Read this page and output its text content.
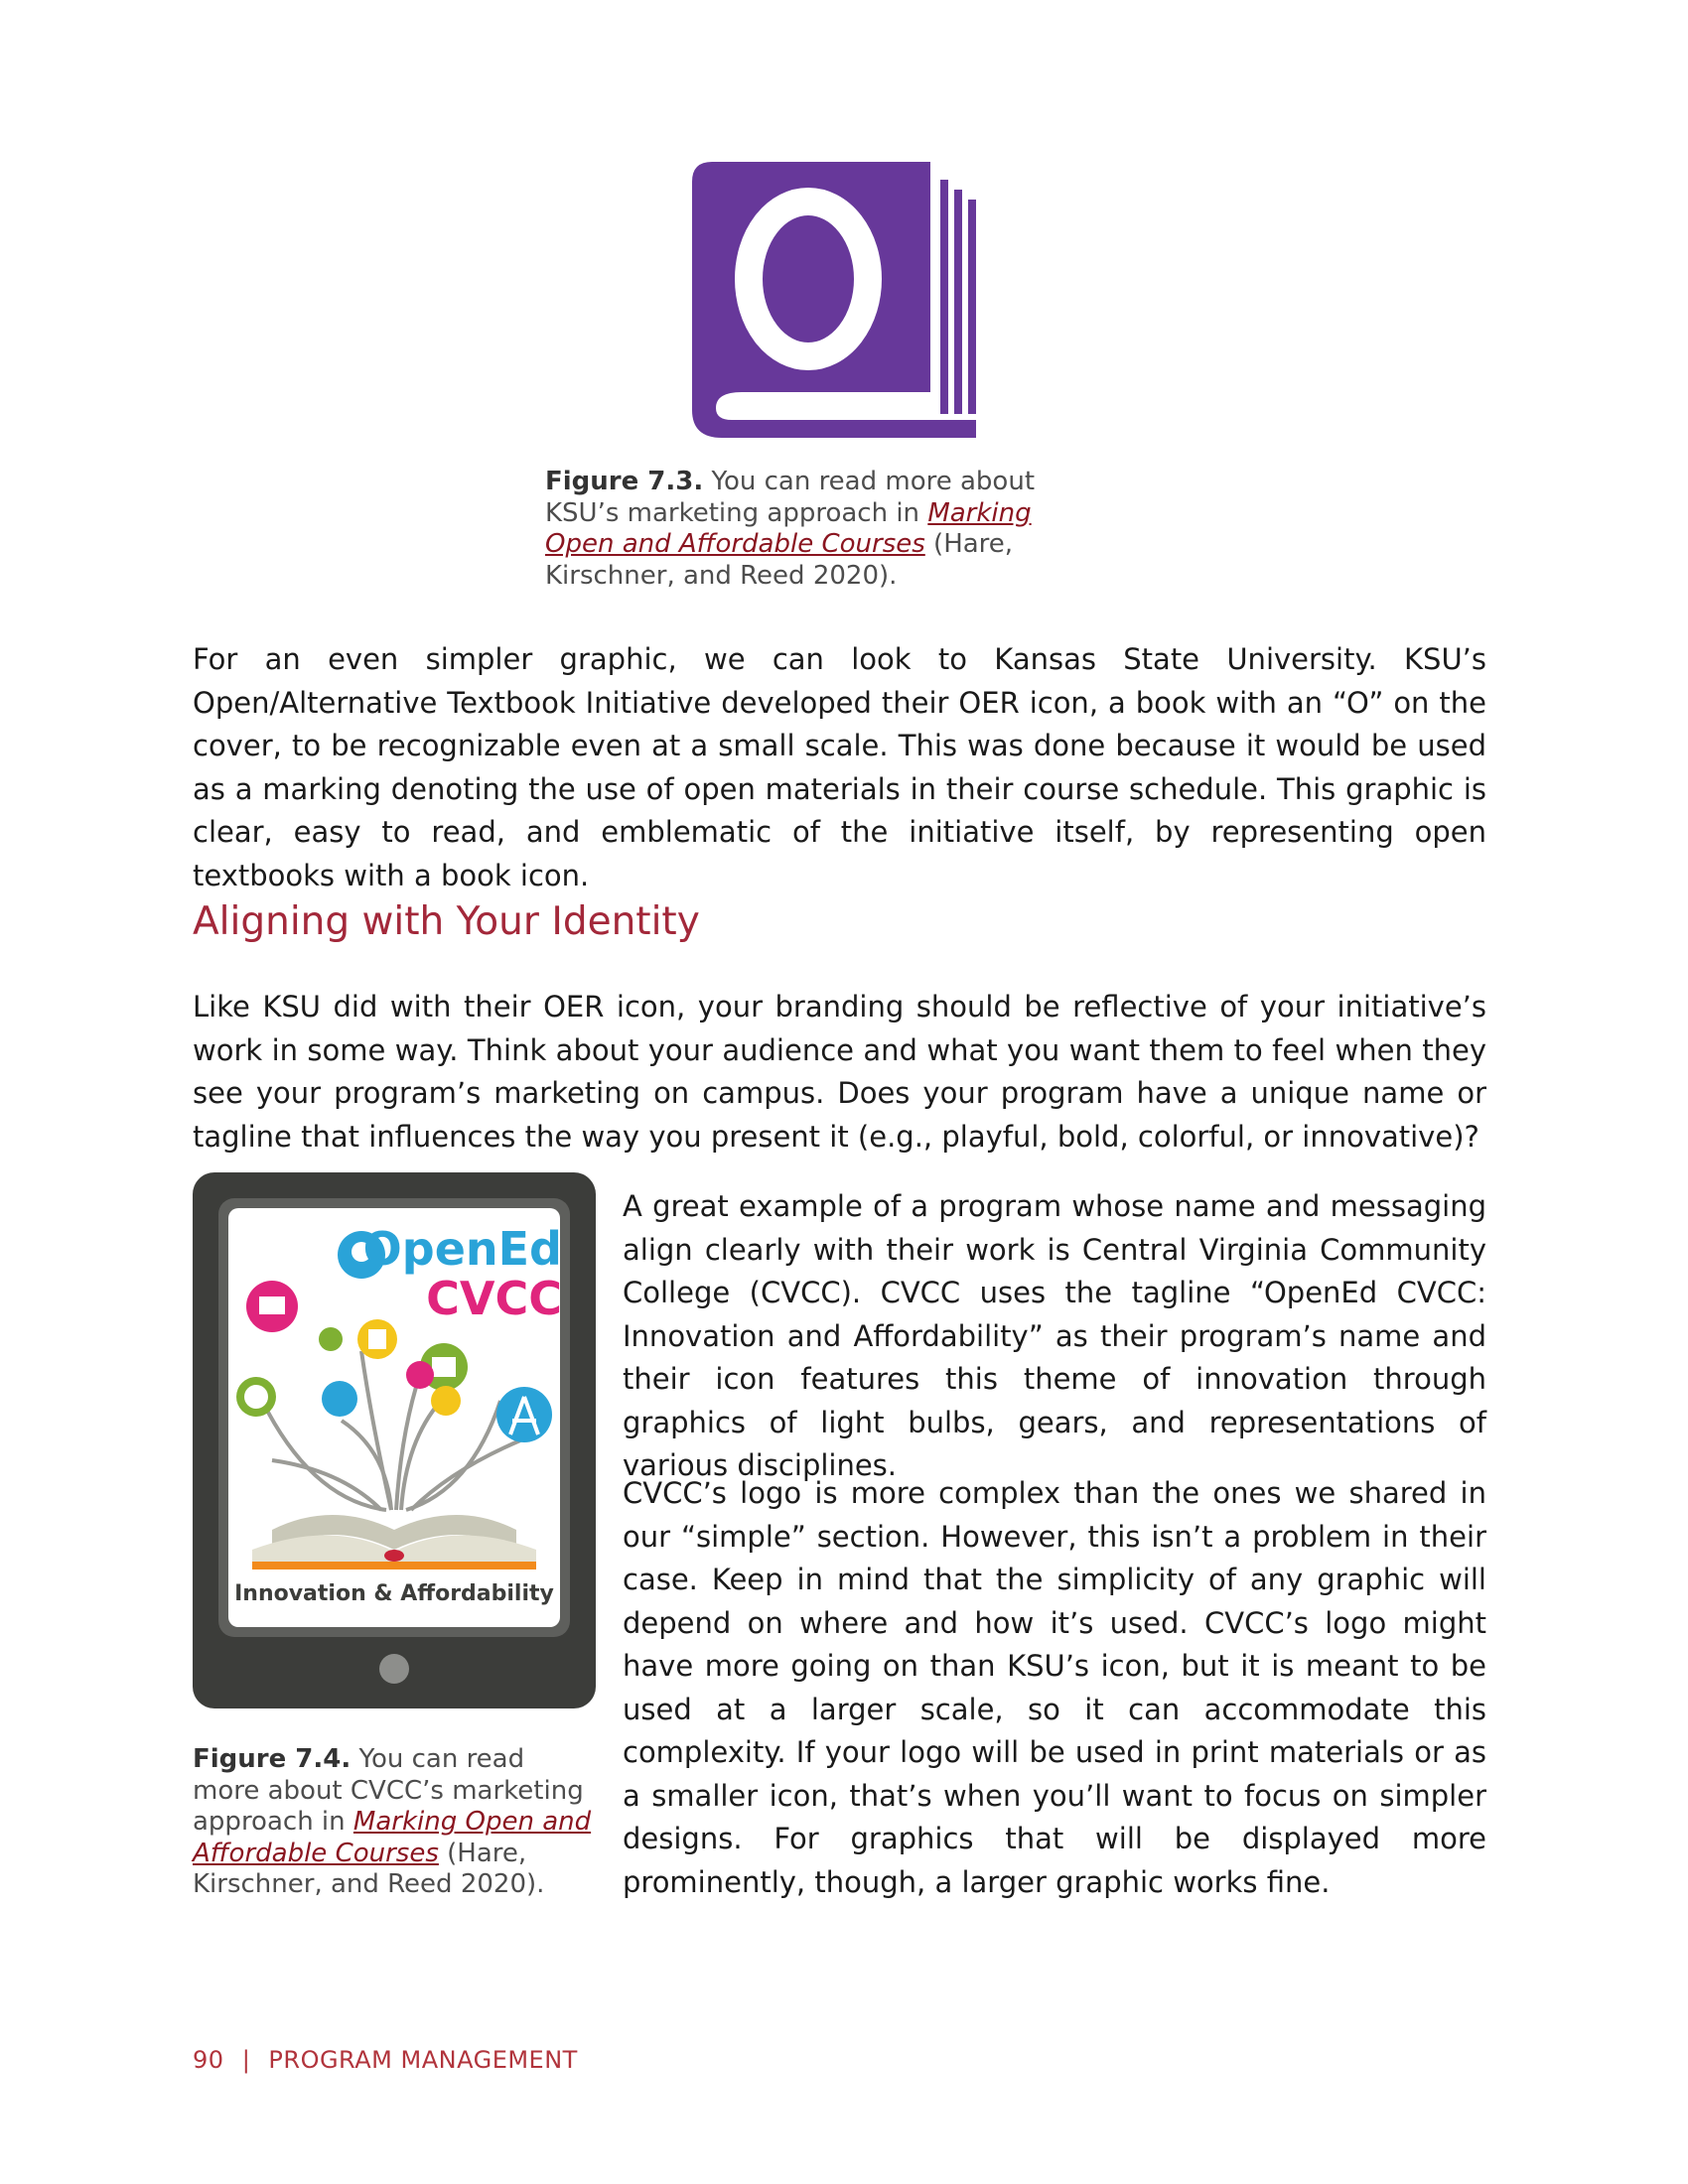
Figure 7.3. You can read more about KSU’s marketing approach in Marking Open and Affordable Courses (Hare, Kirschner, and Reed 2020).

For an even simpler graphic, we can look to Kansas State University. KSU’s Open/Alternative Textbook Initiative developed their OER icon, a book with an “O” on the cover, to be recognizable even at a small scale. This was done because it would be used as a marking denoting the use of open materials in their course schedule. This graphic is clear, easy to read, and emblematic of the initiative itself, by representing open textbooks with a book icon.

Aligning with Your Identity

Like KSU did with their OER icon, your branding should be reflective of your initiative’s work in some way. Think about your audience and what you want them to feel when they see your program’s marketing on campus. Does your program have a unique name or tagline that influences the way you present it (e.g., playful, bold, colorful, or innovative)?

OpenEd
CVCC
Innovation & Affordability
Figure 7.4. You can read more about CVCC’s marketing approach in Marking Open and Affordable Courses (Hare, Kirschner, and Reed 2020).

A great example of a program whose name and messaging align clearly with their work is Central Virginia Community College (CVCC). CVCC uses the tagline “OpenEd CVCC: Innovation and Affordability” as their program’s name and their icon features this theme of innovation through graphics of light bulbs, gears, and representations of various disciplines.

CVCC’s logo is more complex than the ones we shared in our “simple” section. However, this isn’t a problem in their case. Keep in mind that the simplicity of any graphic will depend on where and how it’s used. CVCC’s logo might have more going on than KSU’s icon, but it is meant to be used at a larger scale, so it can accommodate this complexity. If your logo will be used in print materials or as a smaller icon, that’s when you’ll want to focus on simpler designs. For graphics that will be displayed more prominently, though, a larger graphic works fine.

90 | PROGRAM MANAGEMENT
